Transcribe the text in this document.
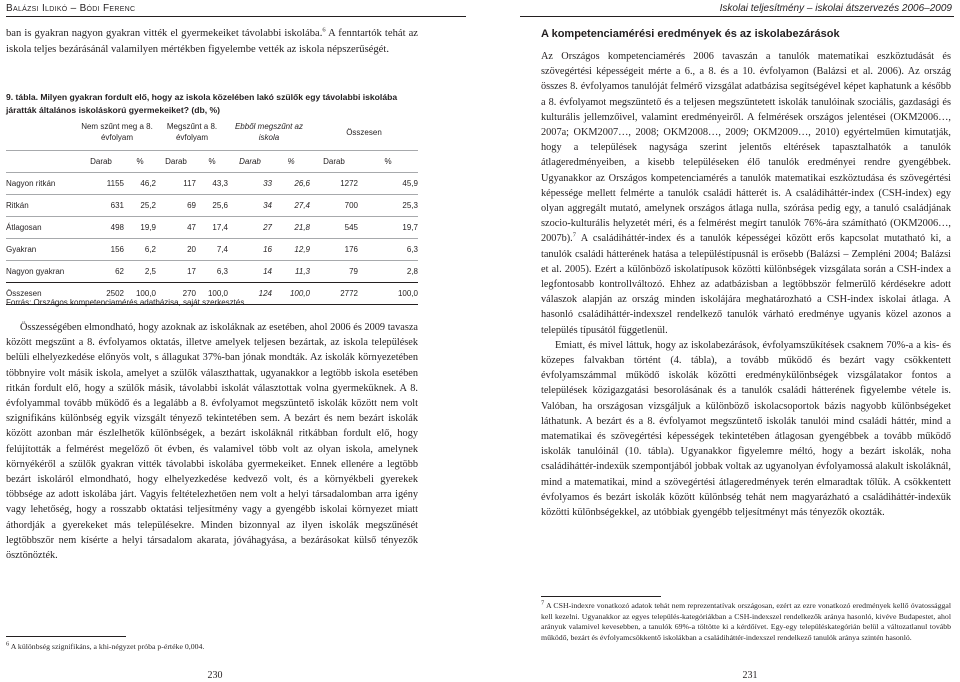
Balázsi Ildikó – Bódi Ferenc

ban is gyakran nagyon gyakran vitték el gyermekeiket távolabbi iskolába.$^6$ A fenntartók tehát az iskola teljes bezárásánál valamilyen mértékben figyelembe vették az iskola népszerűségét.

9. tábla. Milyen gyakran fordult elő, hogy az iskola közelében lakó szülők egy távolabbi iskolába járatták általános iskoláskorú gyermekeiket? (db, %)
	Nem szűnt meg a 8. évfolyam		Megszűnt a 8. évfolyam		Ebből megszűnt az iskola		Összesen	
	Darab	%	Darab	%	Darab	%	Darab	%
Nagyon ritkán	1155	46,2	117	43,3	33	26,6	1272	45,9
Ritkán	631	25,2	69	25,6	34	27,4	700	25,3
Átlagosan	498	19,9	47	17,4	27	21,8	545	19,7
Gyakran	156	6,2	20	7,4	16	12,9	176	6,3
Nagyon gyakran	62	2,5	17	6,3	14	11,3	79	2,8
Összesen	2502	100,0	270	100,0	124	100,0	2772	100,0
Forrás: Országos kompetenciamérés adatbázisa, saját szerkesztés
Összességében elmondható, hogy azoknak az iskoláknak az esetében, ahol 2006 és 2009 tavasza között megszűnt a 8. évfolyamos oktatás, illetve amelyek teljesen bezártak, az iskola települések belüli elhelyezkedése előnyös volt, s állagukat 37%-ban jónak mondták. Az iskolák környezetében többnyire volt másik iskola, amelyet a szülők választhattak, ugyanakkor a legtöbb iskola esetében ritkán fordult elő, hogy a szülők másik, távolabbi iskolát választottak volna gyermeküknek. A 8. évfolyammal tovább működő és a legalább a 8. évfolyamot megszüntető iskolák között nem volt szignifikáns különbség egyik vizsgált tényező tekintetében sem. A bezárt és nem bezárt iskolák között azonban már észlelhetők különbségek, a bezárt iskoláknál ritkábban fordult elő, hogy felújították a felmérést megelőző öt évben, és valamivel több volt az olyan iskola, amelynek környékéről a szülők gyakran vitték távolabbi iskolába gyermekeiket. Ennek ellenére a legtöbb bezárt iskoláról elmondható, hogy elhelyezkedése kedvező volt, és a környékbeli gyerekek többsége az adott iskolába járt. Vagyis feltételezhetően nem volt a helyi társadalomban arra igény vagy lehetőség, hogy a rosszabb oktatási teljesítmény vagy a gyengébb iskolai környezet miatt áthordják a gyerekeket más településekre. Minden bizonnyal az ilyen iskolák megszűnését legtöbbször nem kísérte a helyi társadalom akarata, jóváhagyása, a bezárásokat külső tényezők ösztönözték.
$^6$ A különbség szignifikáns, a khi-négyzet próba p-értéke 0,004.
230
Iskolai teljesítmény – iskolai átszervezés 2006–2009
A kompetenciamérési eredmények és az iskolabezárások

Az Országos kompetenciamérés 2006 tavaszán a tanulók matematikai eszköztudását és szövegértési képességeit mérte a 6., a 8. és a 10. évfolyamon (Balázsi et al. 2006). Az ország összes 8. évfolyamos tanulóját felmérő vizsgálat adatbázisa segítségével képet kaphatunk a később a 8. évfolyamot megszüntető és a teljesen megszüntetett iskolák tanulóinak szociális, gazdasági és kulturális jellemzőivel, valamint eredményeiről. A felmérések országos jelentései (OKM2006…, 2007a; OKM2007…, 2008; OKM2008…, 2009; OKM2009…, 2010) egyértelműen kimutatják, hogy a települések nagysága szerint jelentős eltérések tapasztalhatók a tanulók átlageredményeiben, a kisebb településeken élő tanulók eredményei rendre gyengébbek. Ugyanakkor az Országos kompetenciamérés a tanulók matematikai eszköztudása és szövegértési képessége mellett felmérte a tanulók családi hátterét is. A családiháttér-index (CSH-index) egy olyan aggregált mutató, amelynek országos átlaga nulla, szórása pedig egy, a tanuló családjának szocio-kulturális helyzetét méri, és a felmérést megírt tanulók 76%-ára számítható (OKM2006…, 2007b).$^7$ A családiháttér-index és a tanulók képességei között erős kapcsolat mutatható ki, a tanulók családi hátterének hatása a településtípusnál is erősebb (Balázsi – Zempléni 2004; Balázsi et al. 2005). Ezért a különböző iskolatípusok közötti különbségek vizsgálata során a CSH-index a legfontosabb kontrollváltozó. Ehhez az adatbázisban a legtöbbször felmerülő kérdésekre adott válaszok alapján az ország minden iskolájára meghatározható a CSH-index iskolai átlaga. A hasonló családiháttér-indexszel rendelkező tanulók várható eredménye ugyanis közel azonos a település típusától függetlenül.

Emiatt, és mivel láttuk, hogy az iskolabezárások, évfolyamszűkítések csaknem 70%-a a kis- és közepes falvakban történt (4. tábla), a tovább működő és bezárt vagy csökkentett évfolyamszámmal működő iskolák közötti eredménykülönbségek vizsgálatakor fontos a települések közigazgatási besorolásának és a tanulók családi hátterének figyelembe vétele is. Valóban, ha országosan vizsgáljuk a különböző iskolacsoportok bázis nagyobb különbségeket láthatunk. A bezárt és a 8. évfolyamot megszüntető iskolák tanulói mind családi háttér, mind a matematikai és szövegértési képességek tekintetében átlagosan gyengébbek a tovább működő iskolák tanulóinál (10. tábla). Ugyanakkor figyelemre méltó, hogy a bezárt iskolák, noha családiháttér-indexük szempontjából jobbak voltak az ugyanolyan évfolyamossá alakult iskoláknál, mind a matematikai, mind a szövegértési átlageredmények terén elmaradtak tőlük. A csökkentett évfolyamos és bezárt iskolák között különbség tehát nem magyarázható a családiháttér-indexük közötti különbségekkel, az utóbbiak gyengébb teljesítményt más tényezők okozták.

$^7$ A CSH-indexre vonatkozó adatok tehát nem reprezentatívak országosan, ezért az ezre vonatkozó eredmények kellő óvatossággal kell kezelni. Ugyanakkor az egyes település-kategóriákban a CSH-indexszel rendelkezők aránya hasonló, kivéve Budapestet, ahol arányuk valamivel kevesebben, a tanulók 69%-a töltötte ki a kérdőívet. Egy-egy településkategórián belül a változatlanul tovább működő, bezárt és évfolyamcsökkentő iskolákban a családiháttér-indexszel rendelkező tanulók aránya szintén hasonló.
231
